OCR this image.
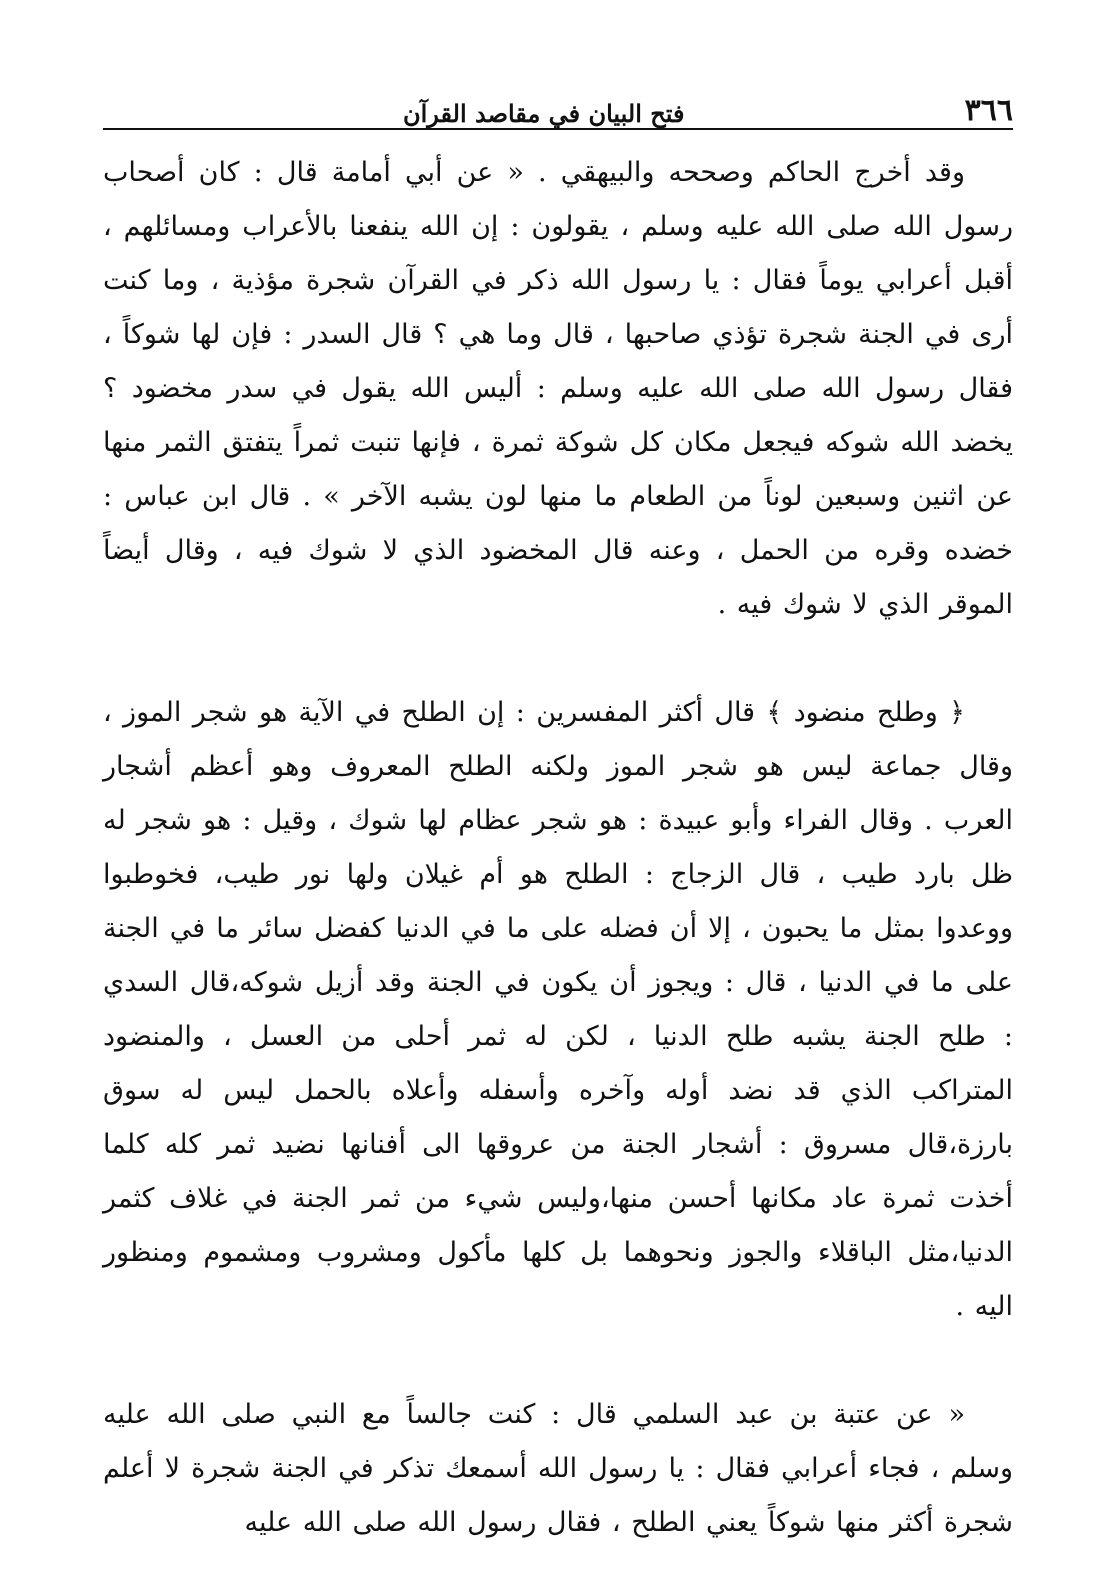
٣٦٦
فتح البيان في مقاصد القرآن

وقد أخرج الحاكم وصححه والبيهقي . « عن أبي أمامة قال : كان أصحاب رسول الله صلى الله عليه وسلم ، يقولون : إن الله ينفعنا بالأعراب ومسائلهم ، أقبل أعرابي يوماً فقال : يا رسول الله ذكر في القرآن شجرة مؤذية ، وما كنت أرى في الجنة شجرة تؤذي صاحبها ، قال وما هي ؟ قال السدر : فإن لها شوكاً ، فقال رسول الله صلى الله عليه وسلم : أليس الله يقول في سدر مخضود ؟ يخضد الله شوكه فيجعل مكان كل شوكة ثمرة ، فإنها تنبت ثمراً يتفتق الثمر منها عن اثنين وسبعين لوناً من الطعام ما منها لون يشبه الآخر » . قال ابن عباس : خضده وقره من الحمل ، وعنه قال المخضود الذي لا شوك فيه ، وقال أيضاً الموقر الذي لا شوك فيه .

﴿ وطلح منضود ﴾ قال أكثر المفسرين : إن الطلح في الآية هو شجر الموز ، وقال جماعة ليس هو شجر الموز ولكنه الطلح المعروف وهو أعظم أشجار العرب . وقال الفراء وأبو عبيدة : هو شجر عظام لها شوك ، وقيل : هو شجر له ظل بارد طيب ، قال الزجاج : الطلح هو أم غيلان ولها نور طيب، فخوطبوا ووعدوا بمثل ما يحبون ، إلا أن فضله على ما في الدنيا كفضل سائر ما في الجنة على ما في الدنيا ، قال : ويجوز أن يكون في الجنة وقد أزيل شوكه،قال السدي : طلح الجنة يشبه طلح الدنيا ، لكن له ثمر أحلى من العسل ، والمنضود المتراكب الذي قد نضد أوله وآخره وأسفله وأعلاه بالحمل ليس له سوق بارزة،قال مسروق : أشجار الجنة من عروقها الى أفنانها نضيد ثمر كله كلما أخذت ثمرة عاد مكانها أحسن منها،وليس شيء من ثمر الجنة في غلاف كثمر الدنيا،مثل الباقلاء والجوز ونحوهما بل كلها مأكول ومشروب ومشموم ومنظور اليه .

« عن عتبة بن عبد السلمي قال : كنت جالساً مع النبي صلى الله عليه وسلم ، فجاء أعرابي فقال : يا رسول الله أسمعك تذكر في الجنة شجرة لا أعلم شجرة أكثر منها شوكاً يعني الطلح ، فقال رسول الله صلى الله عليه
